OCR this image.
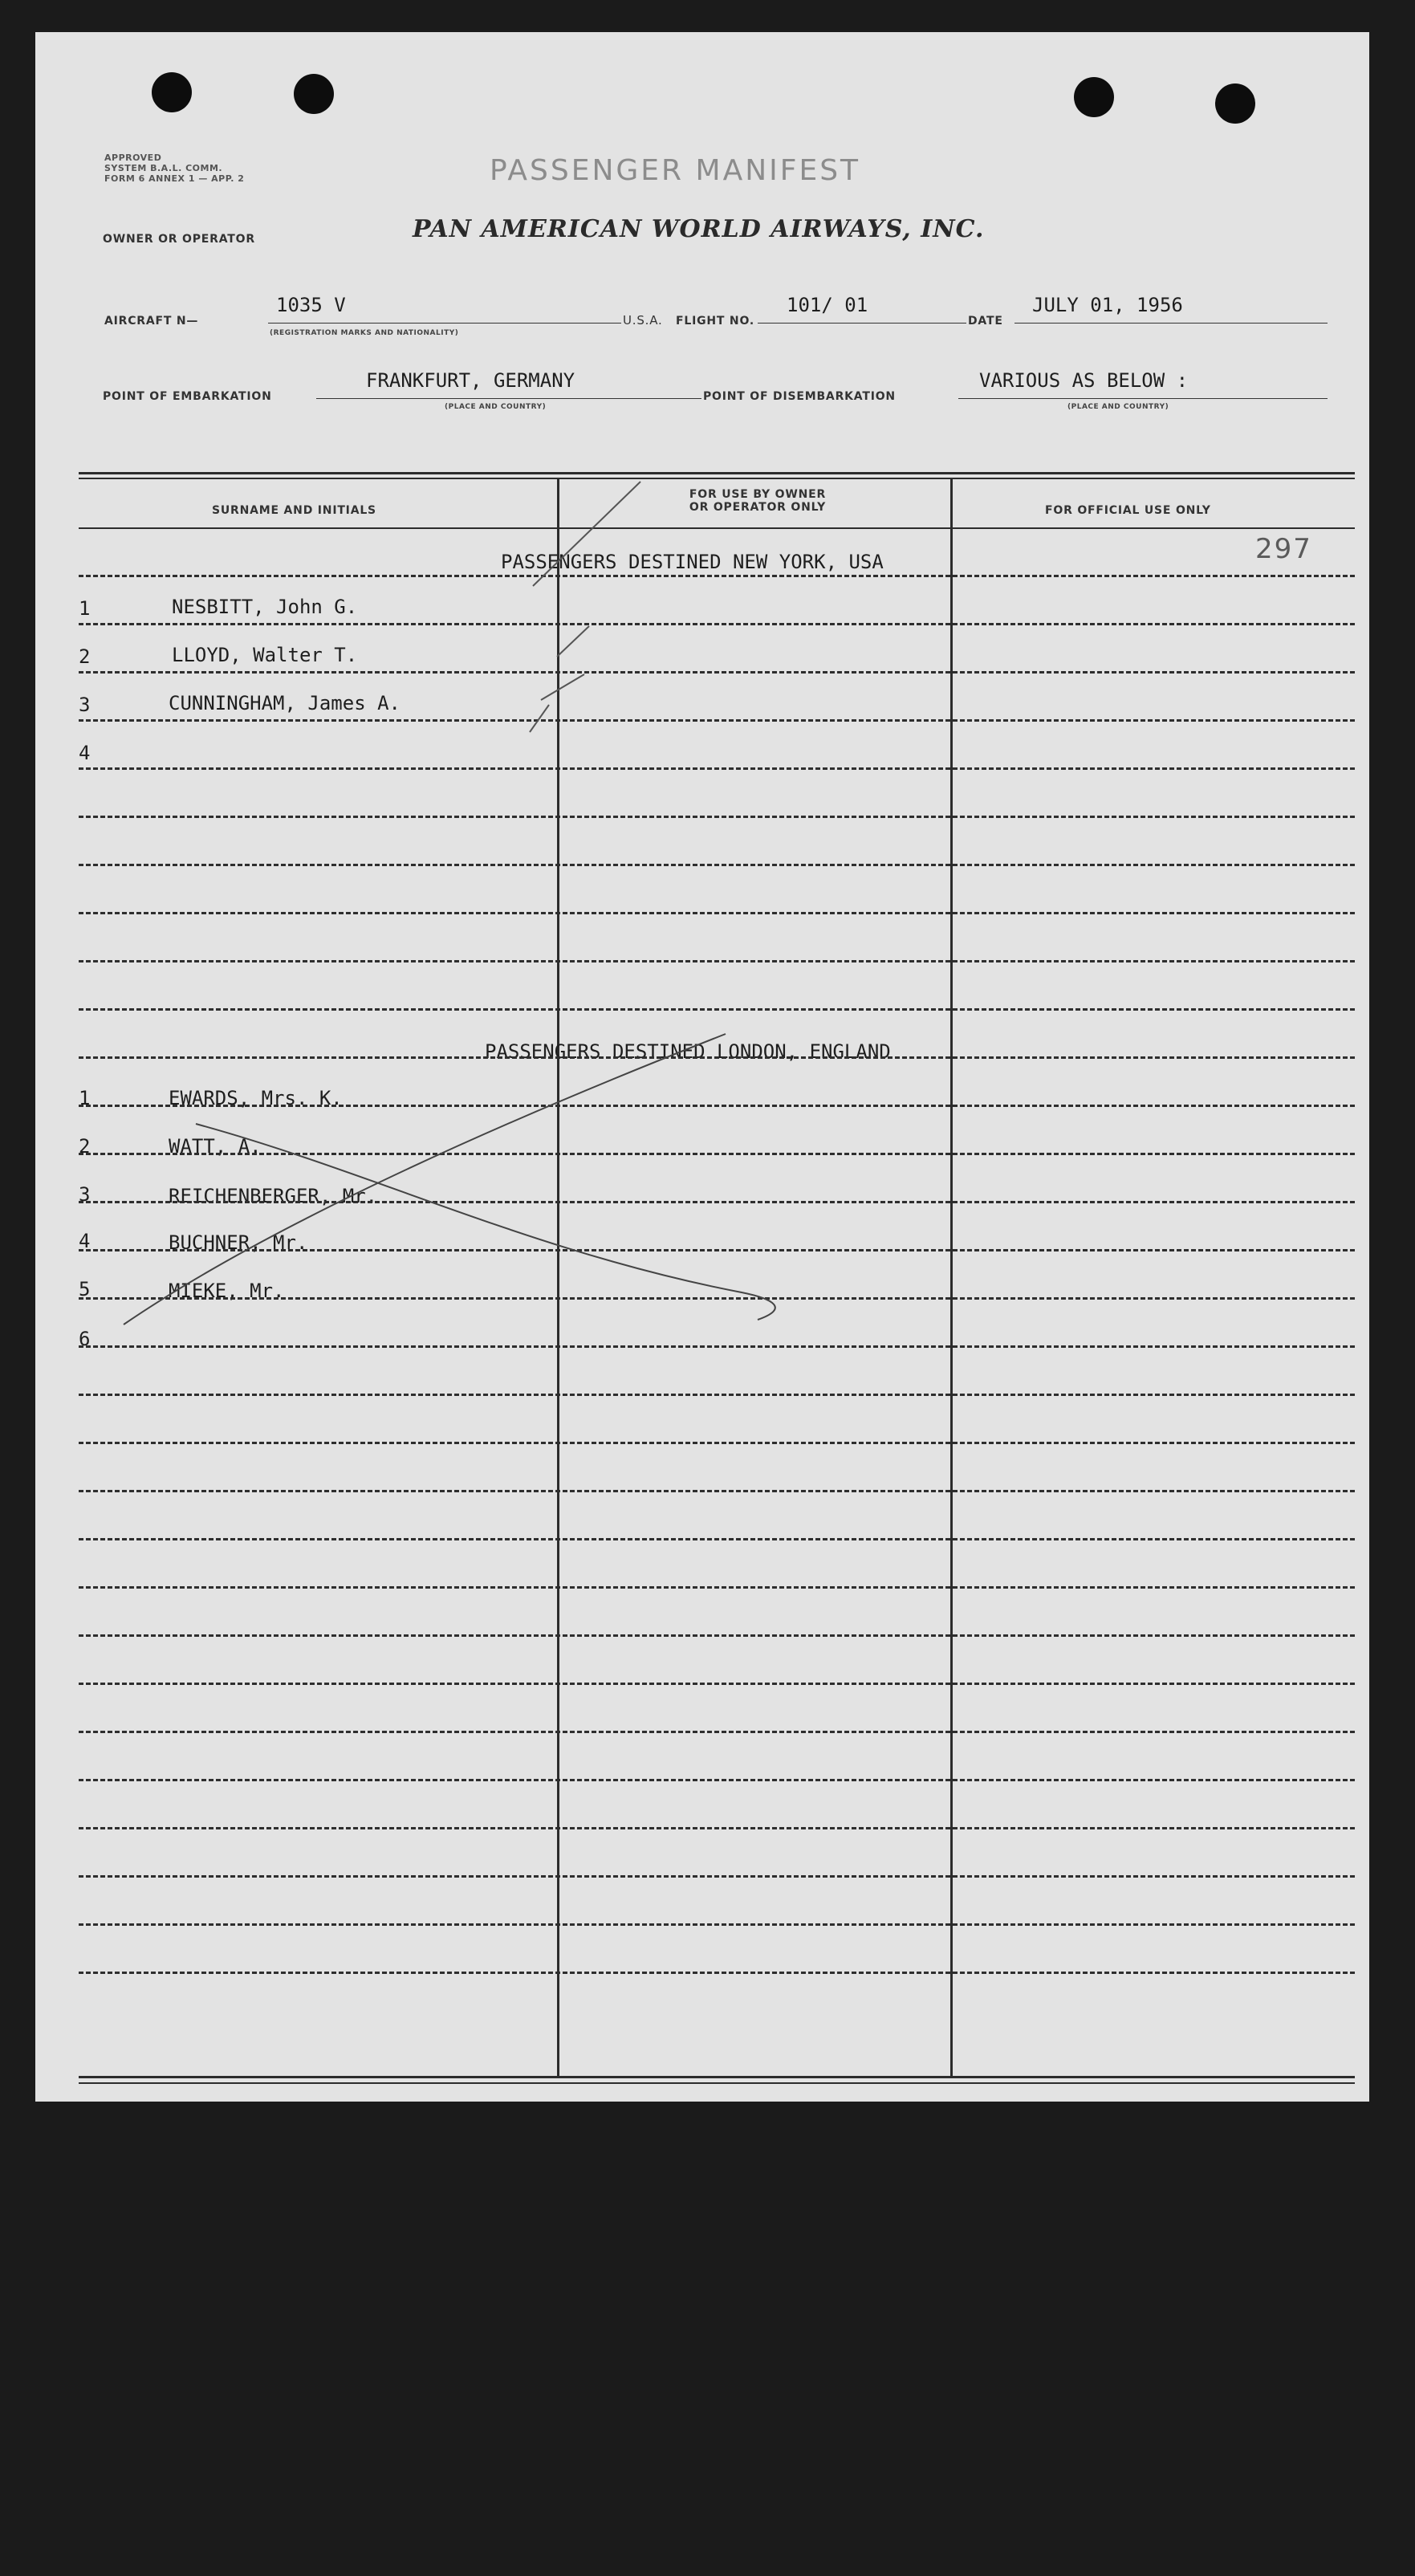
APPROVED
SYSTEM B.A.L. COMM.
FORM 6 ANNEX 1 — APP. 2	PASSENGER MANIFEST
OWNER OR OPERATOR	PAN AMERICAN WORLD AIRWAYS, INC.
AIRCRAFT N—
1035 V
(REGISTRATION MARKS AND NATIONALITY)
U.S.A. FLIGHT NO.
101/ 01
DATE
JULY 01, 1956
POINT OF EMBARKATION
FRANKFURT, GERMANY
(PLACE AND COUNTRY)
POINT OF DISEMBARKATION
VARIOUS AS BELOW :
(PLACE AND COUNTRY)
SURNAME AND INITIALS
FOR USE BY OWNER
OR OPERATOR ONLY	FOR OFFICIAL USE ONLY
297
PASSENGERS DESTINED NEW YORK, USA
1	NESBITT, John G.
2	LLOYD, Walter T.
3	CUNNINGHAM, James A.
4
PASSENGERS DESTINED LONDON, ENGLAND
1	EWARDS, Mrs. K.
2	WATT, A.
3	REICHENBERGER, Mr.
4	BUCHNER, Mr.
5	MIEKE, Mr.
6
